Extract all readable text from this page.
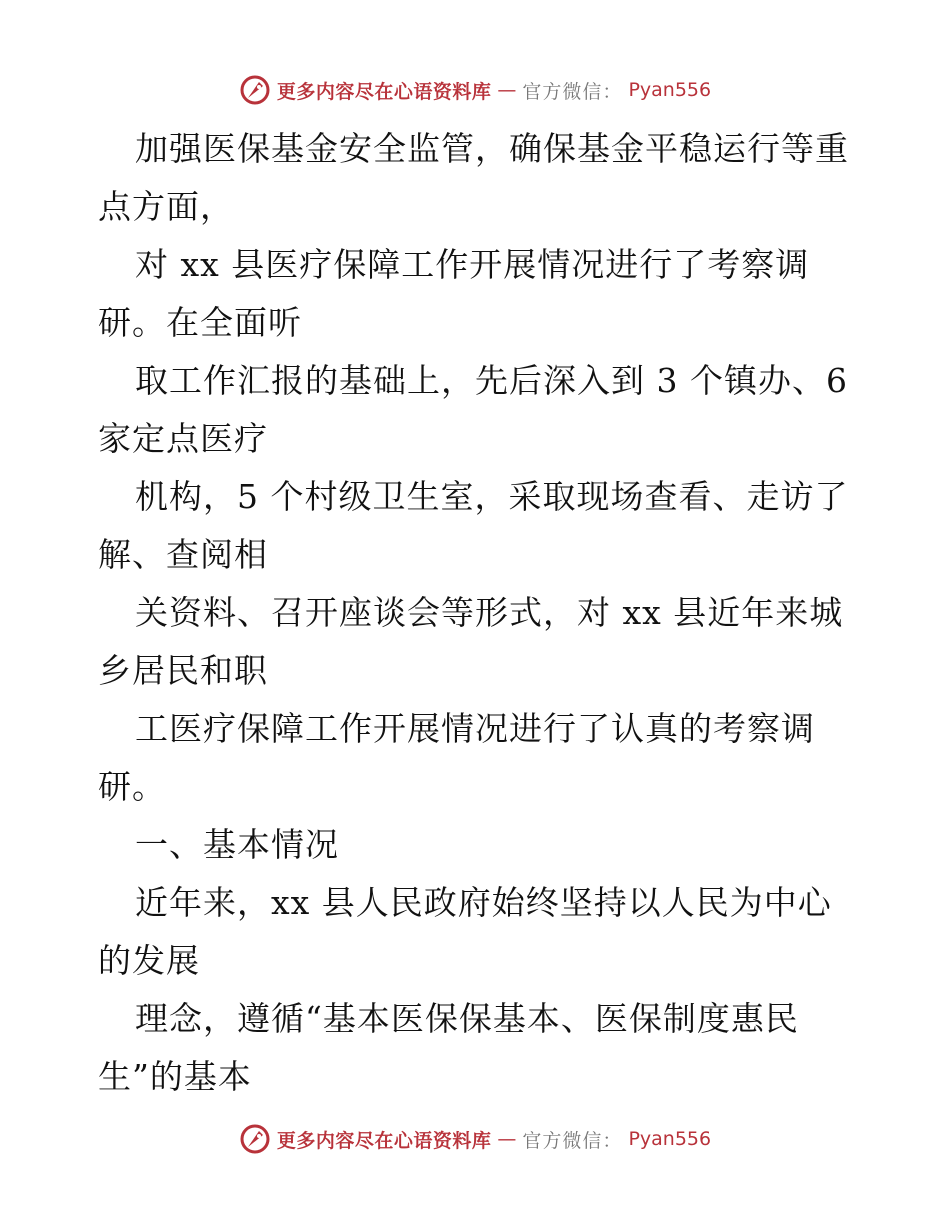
更多内容尽在心语资料库 — 官方微信： Pyan556
加强医保基金安全监管，确保基金平稳运行等重
点方面，
对 xx 县医疗保障工作开展情况进行了考察调
研。在全面听
取工作汇报的基础上，先后深入到 3 个镇办、6
家定点医疗
机构，5 个村级卫生室，采取现场查看、走访了
解、查阅相
关资料、召开座谈会等形式，对 xx 县近年来城
乡居民和职
工医疗保障工作开展情况进行了认真的考察调
研。
一、基本情况
近年来，xx 县人民政府始终坚持以人民为中心
的发展
理念，遵循“基本医保保基本、医保制度惠民
生”的基本
更多内容尽在心语资料库 — 官方微信： Pyan556
